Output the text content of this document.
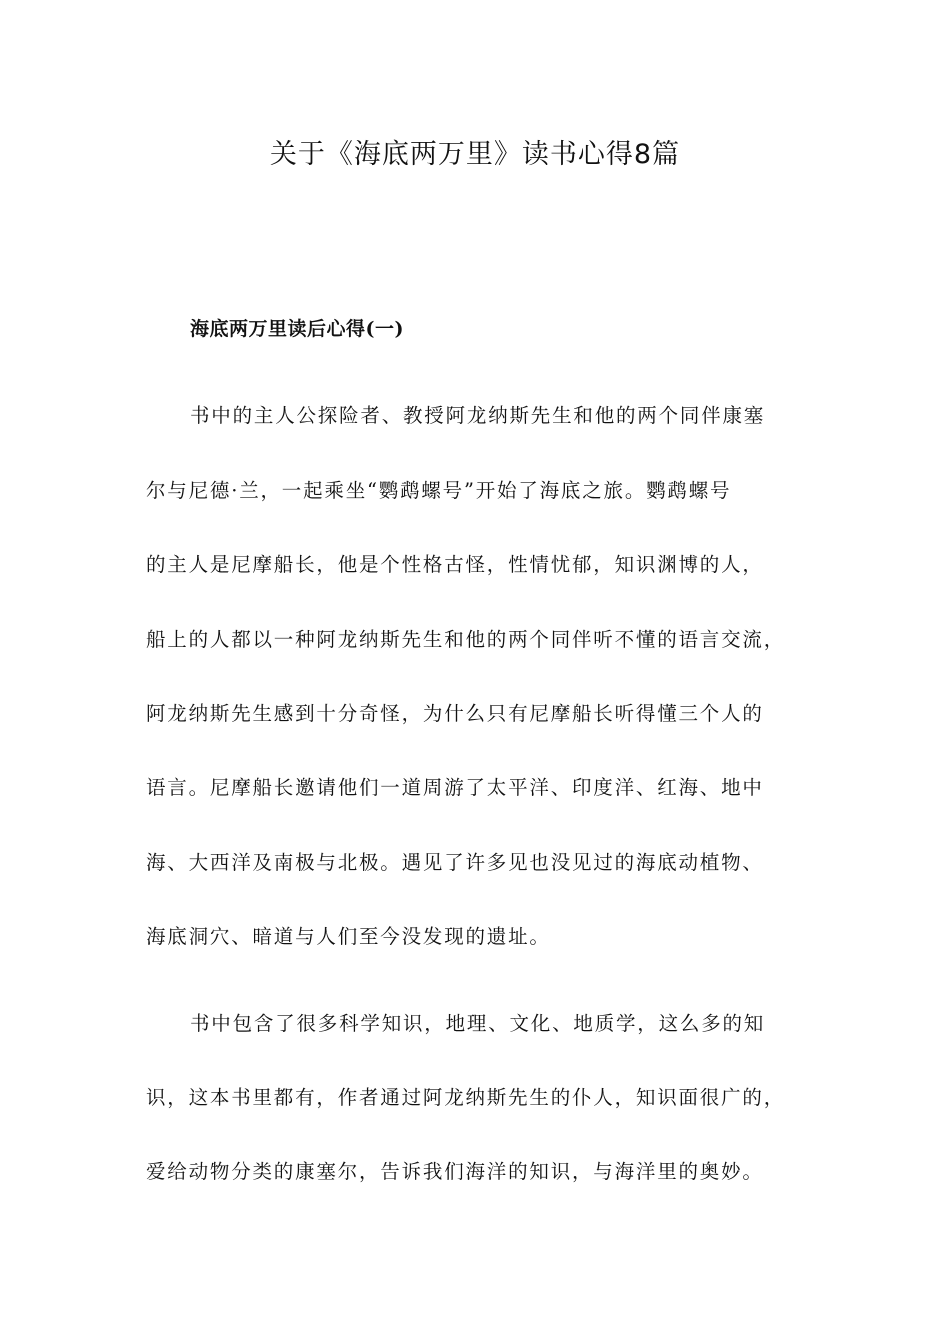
关于《海底两万里》读书心得8篇
海底两万里读后心得(一)

书中的主人公探险者、教授阿龙纳斯先生和他的两个同伴康塞

尔与尼德·兰，一起乘坐“鹦鹉螺号”开始了海底之旅。鹦鹉螺号

的主人是尼摩船长，他是个性格古怪，性情忧郁，知识渊博的人，

船上的人都以一种阿龙纳斯先生和他的两个同伴听不懂的语言交流，

阿龙纳斯先生感到十分奇怪，为什么只有尼摩船长听得懂三个人的

语言。尼摩船长邀请他们一道周游了太平洋、印度洋、红海、地中

海、大西洋及南极与北极。遇见了许多见也没见过的海底动植物、

海底洞穴、暗道与人们至今没发现的遗址。

书中包含了很多科学知识，地理、文化、地质学，这么多的知

识，这本书里都有，作者通过阿龙纳斯先生的仆人，知识面很广的，

爱给动物分类的康塞尔，告诉我们海洋的知识，与海洋里的奥妙。
